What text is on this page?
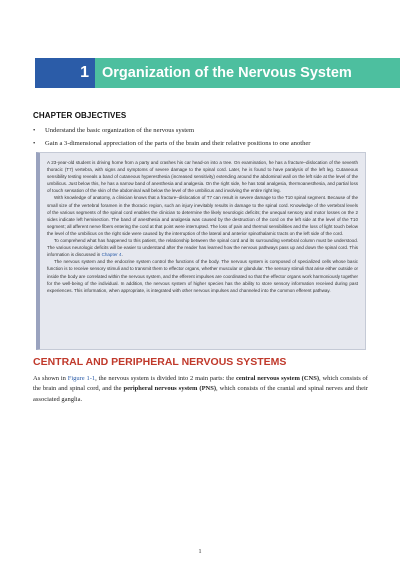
1 Organization of the Nervous System
CHAPTER OBJECTIVES
•	Understand the basic organization of the nervous system
•	Gain a 3-dimensional appreciation of the parts of the brain and their relative positions to one another

A 23-year-old student is driving home from a party and crashes his car head-on into a tree. On examination, he has a fracture–dislocation of the seventh thoracic (T7) vertebra, with signs and symptoms of severe damage to the spinal cord. Later, he is found to have paralysis of the left leg. Cutaneous sensibility testing reveals a band of cutaneous hyperesthesia (increased sensitivity) extending around the abdominal wall on the left side at the level of the umbilicus. Just below this, he has a narrow band of anesthesia and analgesia. On the right side, he has total analgesia, thermoanesthesia, and partial loss of touch sensation of the skin of the abdominal wall below the level of the umbilicus and involving the entire right leg.

With knowledge of anatomy, a clinician knows that a fracture–dislocation of T7 can result in severe damage to the T10 spinal segment. Because of the small size of the vertebral foramen in the thoracic region, such an injury inevitably results in damage to the spinal cord. Knowledge of the vertebral levels of the various segments of the spinal cord enables the clinician to determine the likely neurologic deficits; the unequal sensory and motor losses on the 2 sides indicate left hemisection. The band of anesthesia and analgesia was caused by the destruction of the cord on the left side at the level of the T10 segment; all afferent nerve fibers entering the cord at that point were interrupted. The loss of pain and thermal sensibilities and the loss of light touch below the level of the umbilicus on the right side were caused by the interruption of the lateral and anterior spinothalamic tracts on the left side of the cord.

To comprehend what has happened to this patient, the relationship between the spinal cord and its surrounding vertebral column must be understood. The various neurologic deficits will be easier to understand after the reader has learned how the nervous pathways pass up and down the spinal cord. This information is discussed in Chapter 4.

The nervous system and the endocrine system control the functions of the body. The nervous system is composed of specialized cells whose basic function is to receive sensory stimuli and to transmit them to effector organs, whether muscular or glandular. The sensory stimuli that arise either outside or inside the body are correlated within the nervous system, and the efferent impulses are coordinated so that the effector organs work harmoniously together for the well-being of the individual. In addition, the nervous system of higher species has the ability to store sensory information received during past experiences. This information, when appropriate, is integrated with other nervous impulses and channeled into the common efferent pathway.

CENTRAL AND PERIPHERAL NERVOUS SYSTEMS
As shown in Figure 1-1, the nervous system is divided into 2 main parts: the central nervous system (CNS), which consists of the brain and spinal cord, and the peripheral nervous system (PNS), which consists of the cranial and spinal nerves and their associated ganglia.
1
